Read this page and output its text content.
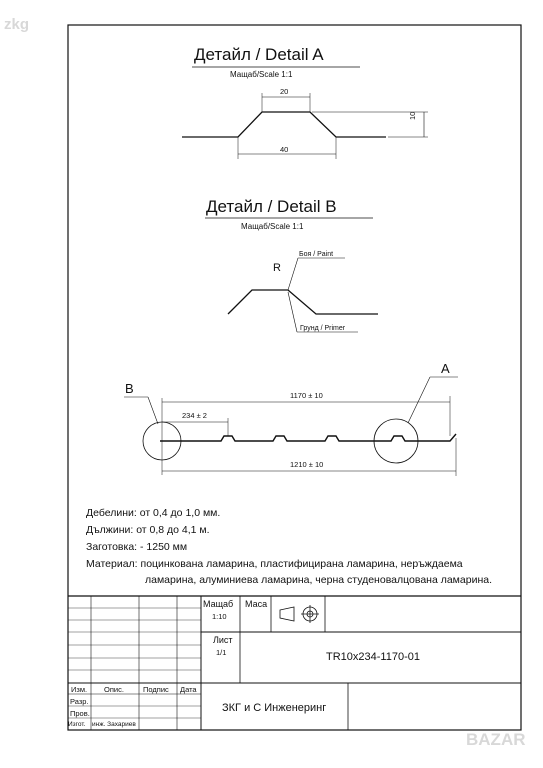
zkg
BAZAR
Детайл / Detail A
Мащаб/Scale 1:1
20
40
10
Детайл / Detail B
Мащаб/Scale 1:1
R
Боя / Paint
Грунд / Primer
B
A
1170 ± 10
234 ± 2
1210 ± 10
Дебелини: от 0,4 до 1,0 мм.
Дължини: от 0,8 до 4,1 м.
Заготовка: - 1250 мм
Материал: поцинкована ламарина, пластифицирана ламарина, неръждаема
ламарина, алуминиева ламарина, черна студеновалцована ламарина.
Мащаб
1:10
Маса
Лист
1/1	TR10x234-1170-01
ЗКГ и С Инженеринг
Изм. Опис.	Подпис Дата
Разр.
Пров.
Изгот. инж. Захариев
